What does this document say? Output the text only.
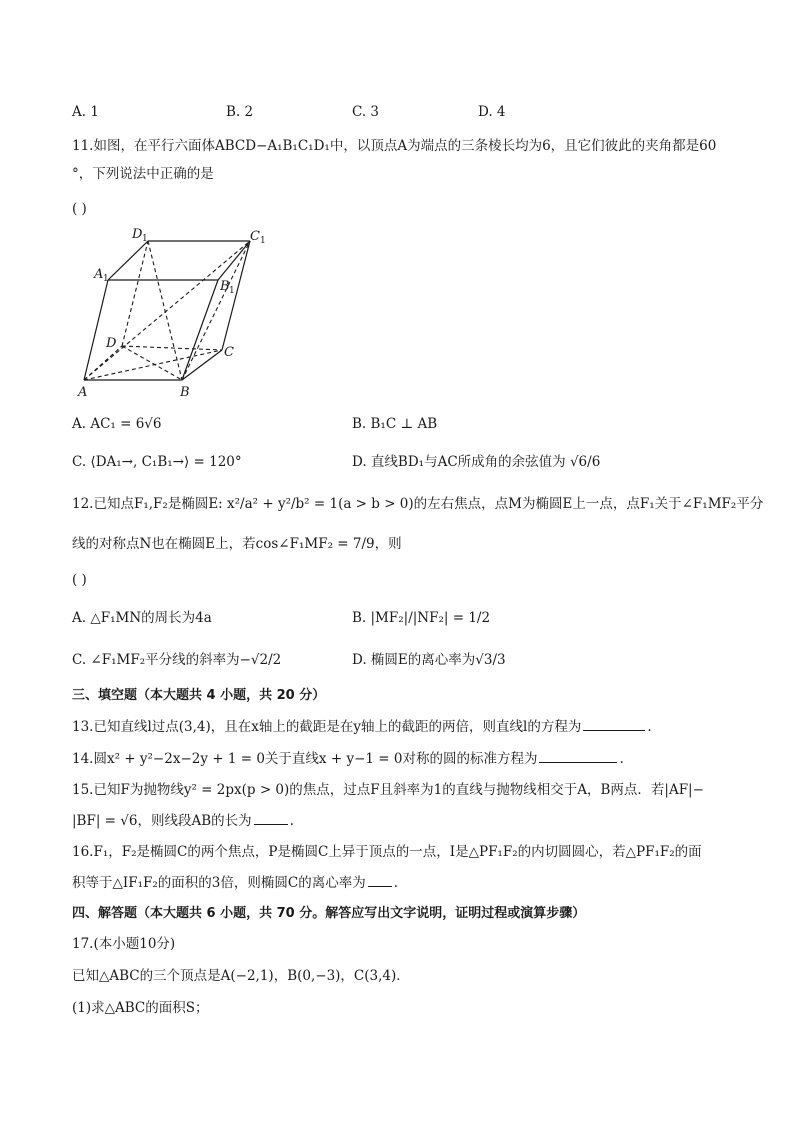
A. 1	B. 2	C. 3	D. 4
11.如图，在平行六面体ABCD−A₁B₁C₁D₁中，以顶点A为端点的三条棱长均为6，且它们彼此的夹角都是60
°，下列说法中正确的是
( )
D 1	C 1
A 1	B 1
D
C
A	B
A. AC₁ = 6√6	B. B₁C ⊥ AB
C. ⟨DA₁→, C₁B₁→⟩ = 120°	D. 直线BD₁与AC所成角的余弦值为 √6/6
12.已知点F₁,F₂是椭圆E: x²/a² + y²/b² = 1(a > b > 0)的左右焦点，点M为椭圆E上一点，点F₁关于∠F₁MF₂平分
线的对称点N也在椭圆E上，若cos∠F₁MF₂ = 7/9，则
( )
A. △F₁MN的周长为4a	B. |MF₂|/|NF₂| = 1/2
C. ∠F₁MF₂平分线的斜率为−√2/2	D. 椭圆E的离心率为√3/3
三、填空题（本大题共 4 小题，共 20 分）
13.已知直线l过点(3,4)，且在x轴上的截距是在y轴上的截距的两倍，则直线l的方程为	.
14.圆x² + y²−2x−2y + 1 = 0关于直线x + y−1 = 0对称的圆的标准方程为	.
15.已知F为抛物线y² = 2px(p > 0)的焦点，过点F且斜率为1的直线与抛物线相交于A，B两点．若|AF|−
|BF| = √6，则线段AB的长为	.
16.F₁，F₂是椭圆C的两个焦点，P是椭圆C上异于顶点的一点，I是△PF₁F₂的内切圆圆心，若△PF₁F₂的面
积等于△IF₁F₂的面积的3倍，则椭圆C的离心率为 .
四、解答题（本大题共 6 小题，共 70 分。解答应写出文字说明，证明过程或演算步骤）
17.(本小题10分)
已知△ABC的三个顶点是A(−2,1)，B(0,−3)，C(3,4)．
(1)求△ABC的面积S；
